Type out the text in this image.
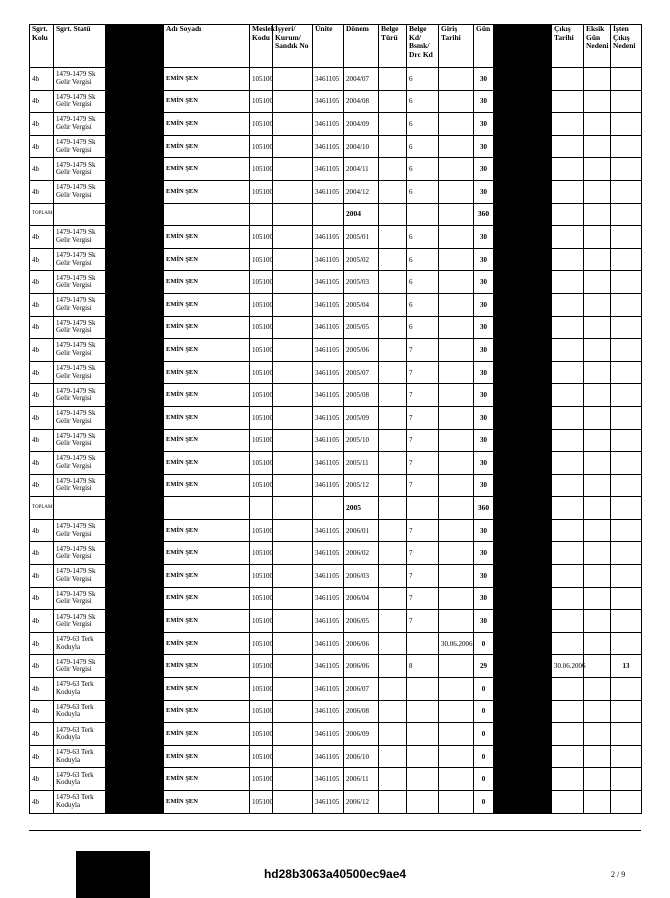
Sgrt. Kolu	Sgrt. Statü		Adı Soyadı	Meslek Kodu	İşyeri/ Kurum/ Sandık No	Ünite	Dönem	Belge Türü	Belge Kd/ Bsmk/ Drc Kd	Giriş Tarihi	Gün		Çıkış Tarihi	Eksik Gün Nedeni	İşten Çıkış Nedeni
4b	1479-1479 Sk Gelir Vergisi		EMİN ŞEN	105100		3461105	2004/07		6		30				
4b	1479-1479 Sk Gelir Vergisi		EMİN ŞEN	105100		3461105	2004/08		6		30				
4b	1479-1479 Sk Gelir Vergisi		EMİN ŞEN	105100		3461105	2004/09		6		30				
4b	1479-1479 Sk Gelir Vergisi		EMİN ŞEN	105100		3461105	2004/10		6		30				
4b	1479-1479 Sk Gelir Vergisi		EMİN ŞEN	105100		3461105	2004/11		6		30				
4b	1479-1479 Sk Gelir Vergisi		EMİN ŞEN	105100		3461105	2004/12		6		30				
TOPLAM							2004				360				
4b	1479-1479 Sk Gelir Vergisi		EMİN ŞEN	105100		3461105	2005/01		6		30				
4b	1479-1479 Sk Gelir Vergisi		EMİN ŞEN	105100		3461105	2005/02		6		30				
4b	1479-1479 Sk Gelir Vergisi		EMİN ŞEN	105100		3461105	2005/03		6		30				
4b	1479-1479 Sk Gelir Vergisi		EMİN ŞEN	105100		3461105	2005/04		6		30				
4b	1479-1479 Sk Gelir Vergisi		EMİN ŞEN	105100		3461105	2005/05		6		30				
4b	1479-1479 Sk Gelir Vergisi		EMİN ŞEN	105100		3461105	2005/06		7		30				
4b	1479-1479 Sk Gelir Vergisi		EMİN ŞEN	105100		3461105	2005/07		7		30				
4b	1479-1479 Sk Gelir Vergisi		EMİN ŞEN	105100		3461105	2005/08		7		30				
4b	1479-1479 Sk Gelir Vergisi		EMİN ŞEN	105100		3461105	2005/09		7		30				
4b	1479-1479 Sk Gelir Vergisi		EMİN ŞEN	105100		3461105	2005/10		7		30				
4b	1479-1479 Sk Gelir Vergisi		EMİN ŞEN	105100		3461105	2005/11		7		30				
4b	1479-1479 Sk Gelir Vergisi		EMİN ŞEN	105100		3461105	2005/12		7		30				
TOPLAM							2005				360				
4b	1479-1479 Sk Gelir Vergisi		EMİN ŞEN	105100		3461105	2006/01		7		30				
4b	1479-1479 Sk Gelir Vergisi		EMİN ŞEN	105100		3461105	2006/02		7		30				
4b	1479-1479 Sk Gelir Vergisi		EMİN ŞEN	105100		3461105	2006/03		7		30				
4b	1479-1479 Sk Gelir Vergisi		EMİN ŞEN	105100		3461105	2006/04		7		30				
4b	1479-1479 Sk Gelir Vergisi		EMİN ŞEN	105100		3461105	2006/05		7		30				
4b	1479-63 Terk Koduyla		EMİN ŞEN	105100		3461105	2006/06			30.06.2006	0				
4b	1479-1479 Sk Gelir Vergisi		EMİN ŞEN	105100		3461105	2006/06		8		29		30.06.2006		13
4b	1479-63 Terk Koduyla		EMİN ŞEN	105100		3461105	2006/07				0				
4b	1479-63 Terk Koduyla		EMİN ŞEN	105100		3461105	2006/08				0				
4b	1479-63 Terk Koduyla		EMİN ŞEN	105100		3461105	2006/09				0				
4b	1479-63 Terk Koduyla		EMİN ŞEN	105100		3461105	2006/10				0				
4b	1479-63 Terk Koduyla		EMİN ŞEN	105100		3461105	2006/11				0				
4b	1479-63 Terk Koduyla		EMİN ŞEN	105100		3461105	2006/12				0				
hd28b3063a40500ec9ae4	2 / 9
